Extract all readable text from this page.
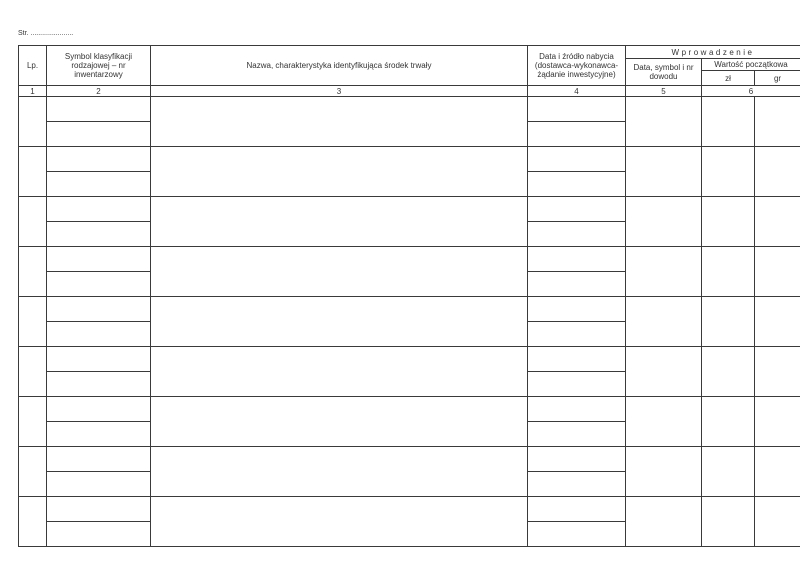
Str. ......................
Lp.	Symbol klasyfikacji rodzajowej – nr inwentarzowy	Nazwa, charakterystyka identyfikująca środek trwały	Data i źródło nabycia (dostawca-wykonawca-żądanie inwestycyjne)	Wprowadzenie		
				Data, symbol i nr dowodu	Wartość początkowa	
					zł	gr
1	2	3	4	5	6	
